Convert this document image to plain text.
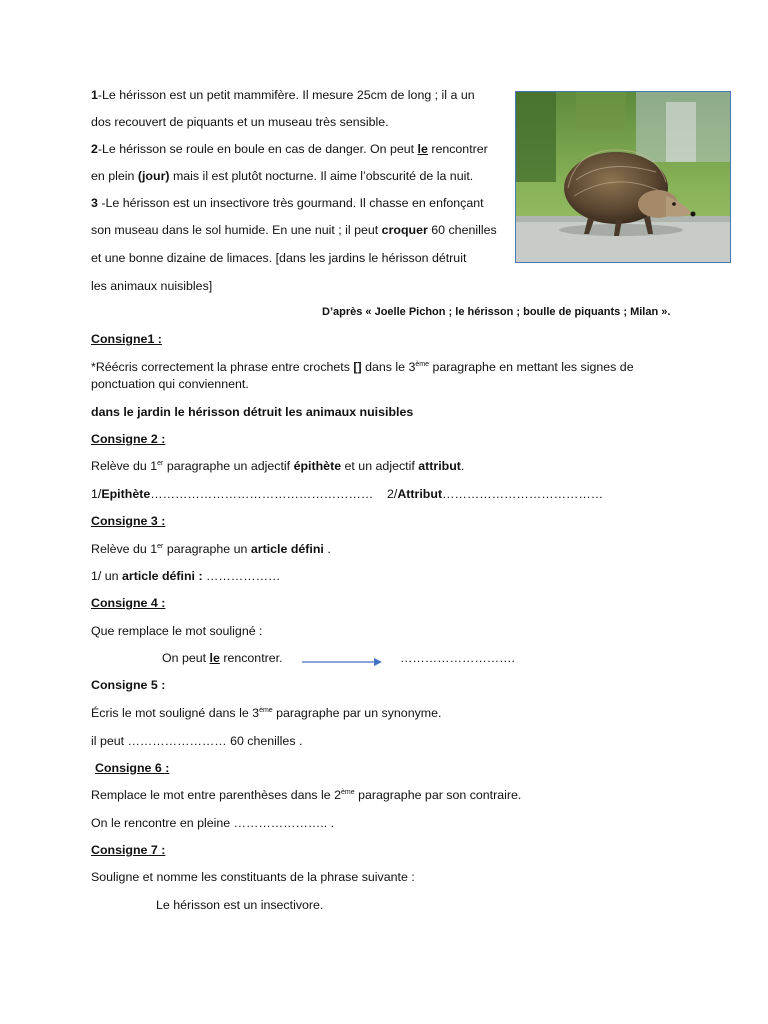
1-Le hérisson est un petit mammifère. Il mesure 25cm de long ; il a un
dos recouvert de piquants et un museau très sensible.
2-Le hérisson se roule en boule en cas de danger. On peut le rencontrer
en plein (jour) mais il est plutôt nocturne. Il aime l’obscurité de la nuit.
3 -Le hérisson est un insectivore très gourmand. Il chasse en enfonçant
son museau dans le sol humide. En une nuit ; il peut croquer 60 chenilles
et une bonne dizaine de limaces. [dans les jardins le hérisson détruit
les animaux nuisibles]
D’après « Joelle Pichon ; le hérisson ; boulle de piquants ; Milan ».
Consigne1 :
*Réécris correctement la phrase entre crochets [] dans le 3ème paragraphe en mettant les signes de
ponctuation qui conviennent.
dans le jardin le hérisson détruit les animaux nuisibles
Consigne 2 :
Relève du 1er paragraphe un adjectif épithète et un adjectif attribut.
1/Epithète……………………………………………… 2/Attribut…………………………………
Consigne 3 :
Relève du 1er paragraphe un article défini .
1/ un article défini : ………………
Consigne 4 :
Que remplace le mot souligné :
On peut le rencontrer.	……………………….
Consigne 5 :
Écris le mot souligné dans le 3ème paragraphe par un synonyme.
il peut …………………… 60 chenilles .
Consigne 6 :
Remplace le mot entre parenthèses dans le 2ème paragraphe par son contraire.
On le rencontre en pleine ………………….. .
Consigne 7 :
Souligne et nomme les constituants de la phrase suivante :
Le hérisson est un insectivore.
